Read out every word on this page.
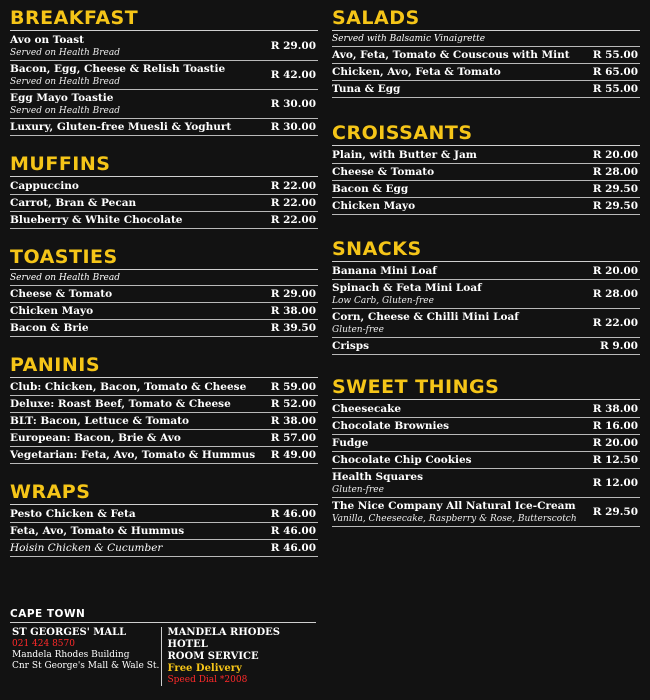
BREAKFAST
Avo on Toast
Served on Health Bread
R 29.00
Bacon, Egg, Cheese & Relish Toastie
Served on Health Bread
R 42.00
Egg Mayo Toastie
Served on Health Bread
R 30.00
Luxury, Gluten-free Muesli & Yoghurt	R 30.00
MUFFINS
Cappuccino	R 22.00
Carrot, Bran & Pecan	R 22.00
Blueberry & White Chocolate	R 22.00
TOASTIES
Served on Health Bread
Cheese & Tomato	R 29.00
Chicken Mayo	R 38.00
Bacon & Brie	R 39.50
PANINIS
Club: Chicken, Bacon, Tomato & Cheese	R 59.00
Deluxe: Roast Beef, Tomato & Cheese	R 52.00
BLT: Bacon, Lettuce & Tomato	R 38.00
European: Bacon, Brie & Avo	R 57.00
Vegetarian: Feta, Avo, Tomato & Hummus	R 49.00
WRAPS
Pesto Chicken & Feta	R 46.00
Feta, Avo, Tomato & Hummus	R 46.00
Hoisin Chicken & Cucumber	R 46.00
SALADS
Served with Balsamic Vinaigrette
Avo, Feta, Tomato & Couscous with Mint	R 55.00
Chicken, Avo, Feta & Tomato	R 65.00
Tuna & Egg	R 55.00
CROISSANTS
Plain, with Butter & Jam	R 20.00
Cheese & Tomato	R 28.00
Bacon & Egg	R 29.50
Chicken Mayo	R 29.50
SNACKS
Banana Mini Loaf	R 20.00
Spinach & Feta Mini Loaf
Low Carb, Gluten-free
R 28.00
Corn, Cheese & Chilli Mini Loaf
Gluten-free
R 22.00
Crisps	R 9.00
SWEET THINGS
Cheesecake	R 38.00
Chocolate Brownies	R 16.00
Fudge	R 20.00
Chocolate Chip Cookies	R 12.50
Health Squares
Gluten-free
R 12.00
The Nice Company All Natural Ice-Cream
Vanilla, Cheesecake, Raspberry & Rose, Butterscotch
R 29.50
CAPE TOWN
ST GEORGES' MALL
021 424 8570
Mandela Rhodes Building
Cnr St George's Mall & Wale St.
MANDELA RHODES HOTEL
ROOM SERVICE
Free Delivery
Speed Dial *2008
